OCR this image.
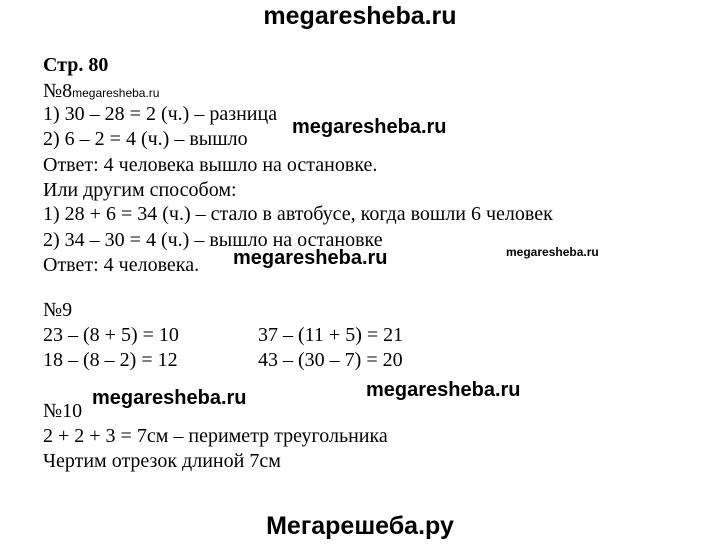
megaresheba.ru
Стр. 80
№8megaresheba.ru
1) 30 – 28 = 2 (ч.) – разница
2) 6 – 2 = 4 (ч.) – вышло
Ответ: 4 человека вышло на остановке.
Или другим способом:
1) 28 + 6 = 34 (ч.) – стало в автобусе, когда вошли 6 человек
2) 34 – 30 = 4 (ч.) – вышло на остановке
Ответ: 4 человека.
megaresheba.ru
megaresheba.ru
megaresheba.ru
№9
23 – (8 + 5) = 10
18 – (8 – 2) = 12
37 – (11 + 5) = 21
43 – (30 – 7) = 20
megaresheba.ru
№10
megaresheba.ru
2 + 2 + 3 = 7см – периметр треугольника
Чертим отрезок длиной 7см
Мегарешеба.ру
